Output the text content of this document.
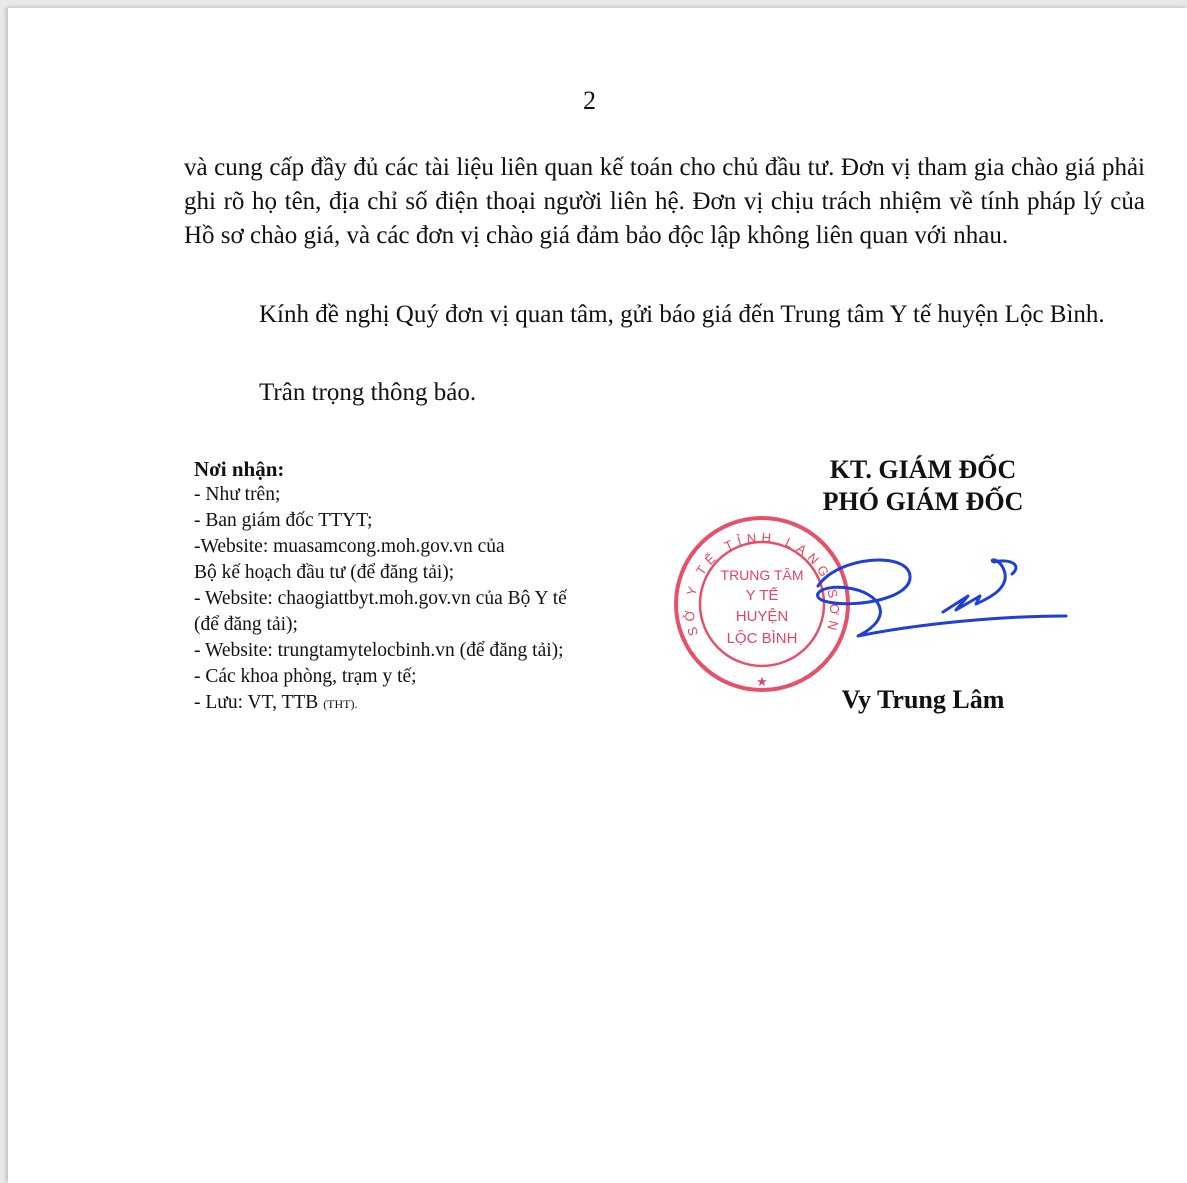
2

và cung cấp đầy đủ các tài liệu liên quan kế toán cho chủ đầu tư. Đơn vị tham gia chào giá phải ghi rõ họ tên, địa chỉ số điện thoại người liên hệ. Đơn vị chịu trách nhiệm về tính pháp lý của Hồ sơ chào giá, và các đơn vị chào giá đảm bảo độc lập không liên quan với nhau.

Kính đề nghị Quý đơn vị quan tâm, gửi báo giá đến Trung tâm Y tế huyện Lộc Bình.

Trân trọng thông báo.

Nơi nhận:
- Như trên;
- Ban giám đốc TTYT;
-Website: muasamcong.moh.gov.vn của
Bộ kế hoạch đầu tư (để đăng tải);
- Website: chaogiattbyt.moh.gov.vn của Bộ Y tế
(để đăng tải);
- Website: trungtamytelocbinh.vn (để đăng tải);
- Các khoa phòng, trạm y tế;
- Lưu: VT, TTB (THT).
KT. GIÁM ĐỐC
PHÓ GIÁM ĐỐC
SỞ Y TẾ TỈNH LẠNG SƠN
TRUNG TÂM
Y TẾ
HUYỆN
LỘC BÌNH
★
Vy Trung Lâm
